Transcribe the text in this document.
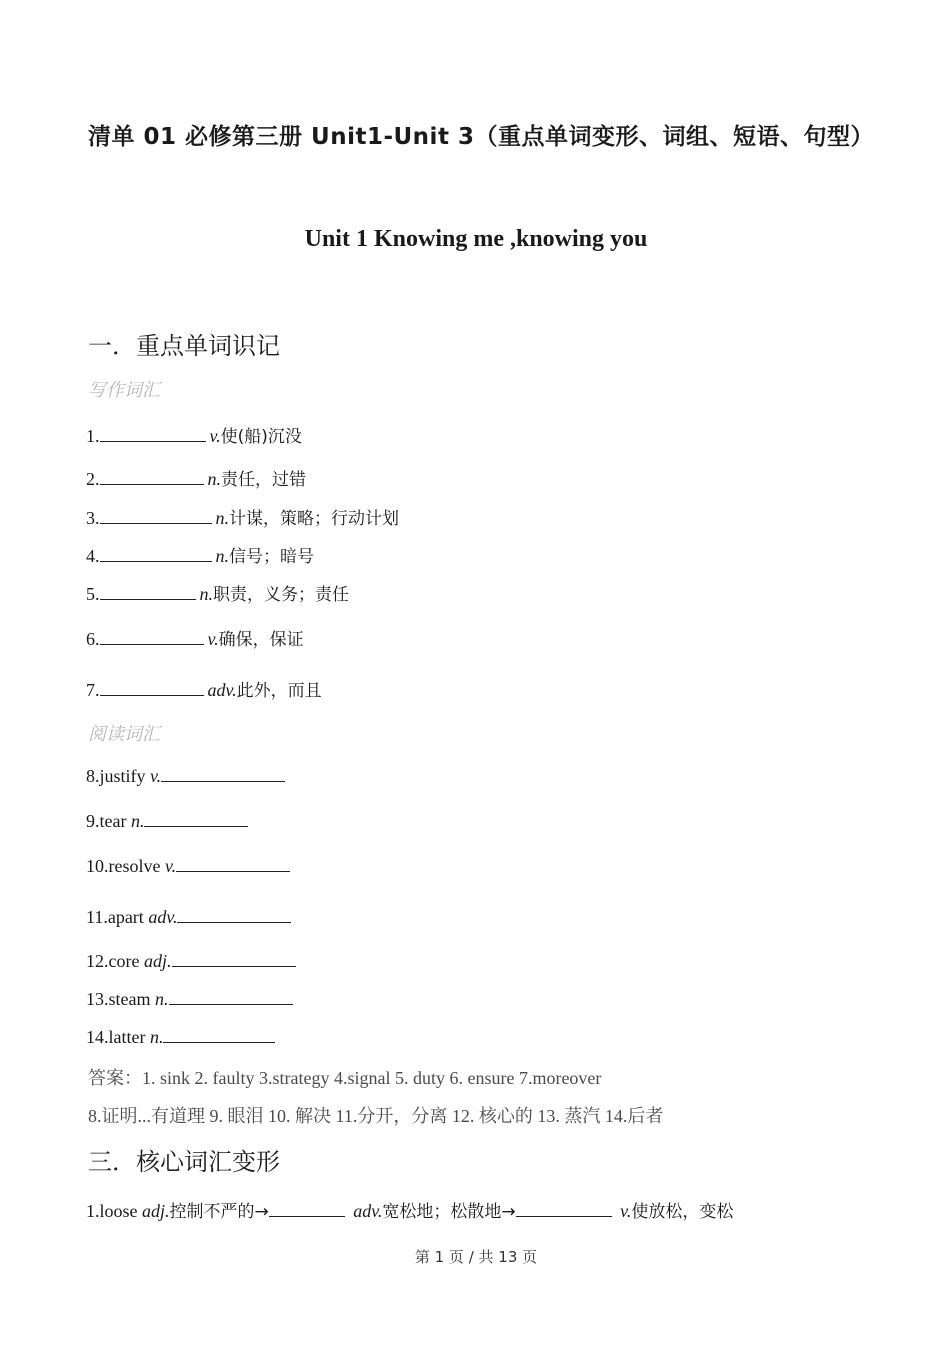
清单 01 必修第三册 Unit1-Unit 3（重点单词变形、词组、短语、句型）
Unit 1 Knowing me ,knowing you
一．重点单词识记
写作词汇
1.	v.使(船)沉没
2.	n.责任，过错
3.	n.计谋，策略；行动计划
4.	n.信号；暗号
5.	n.职责，义务；责任
6.	v.确保，保证
7.	adv.此外，而且
阅读词汇
8.justify v.
9.tear n.
10.resolve v.
11.apart adv.
12.core adj.
13.steam n.
14.latter n.
答案：1. sink 2. faulty 3.strategy 4.signal 5. duty 6. ensure 7.moreover
8.证明...有道理 9. 眼泪 10. 解决 11.分开，分离 12. 核心的 13. 蒸汽 14.后者
三．核心词汇变形
1.loose adj.控制不严的→	adv.宽松地；松散地→	v.使放松，变松
第 1 页 / 共 13 页
